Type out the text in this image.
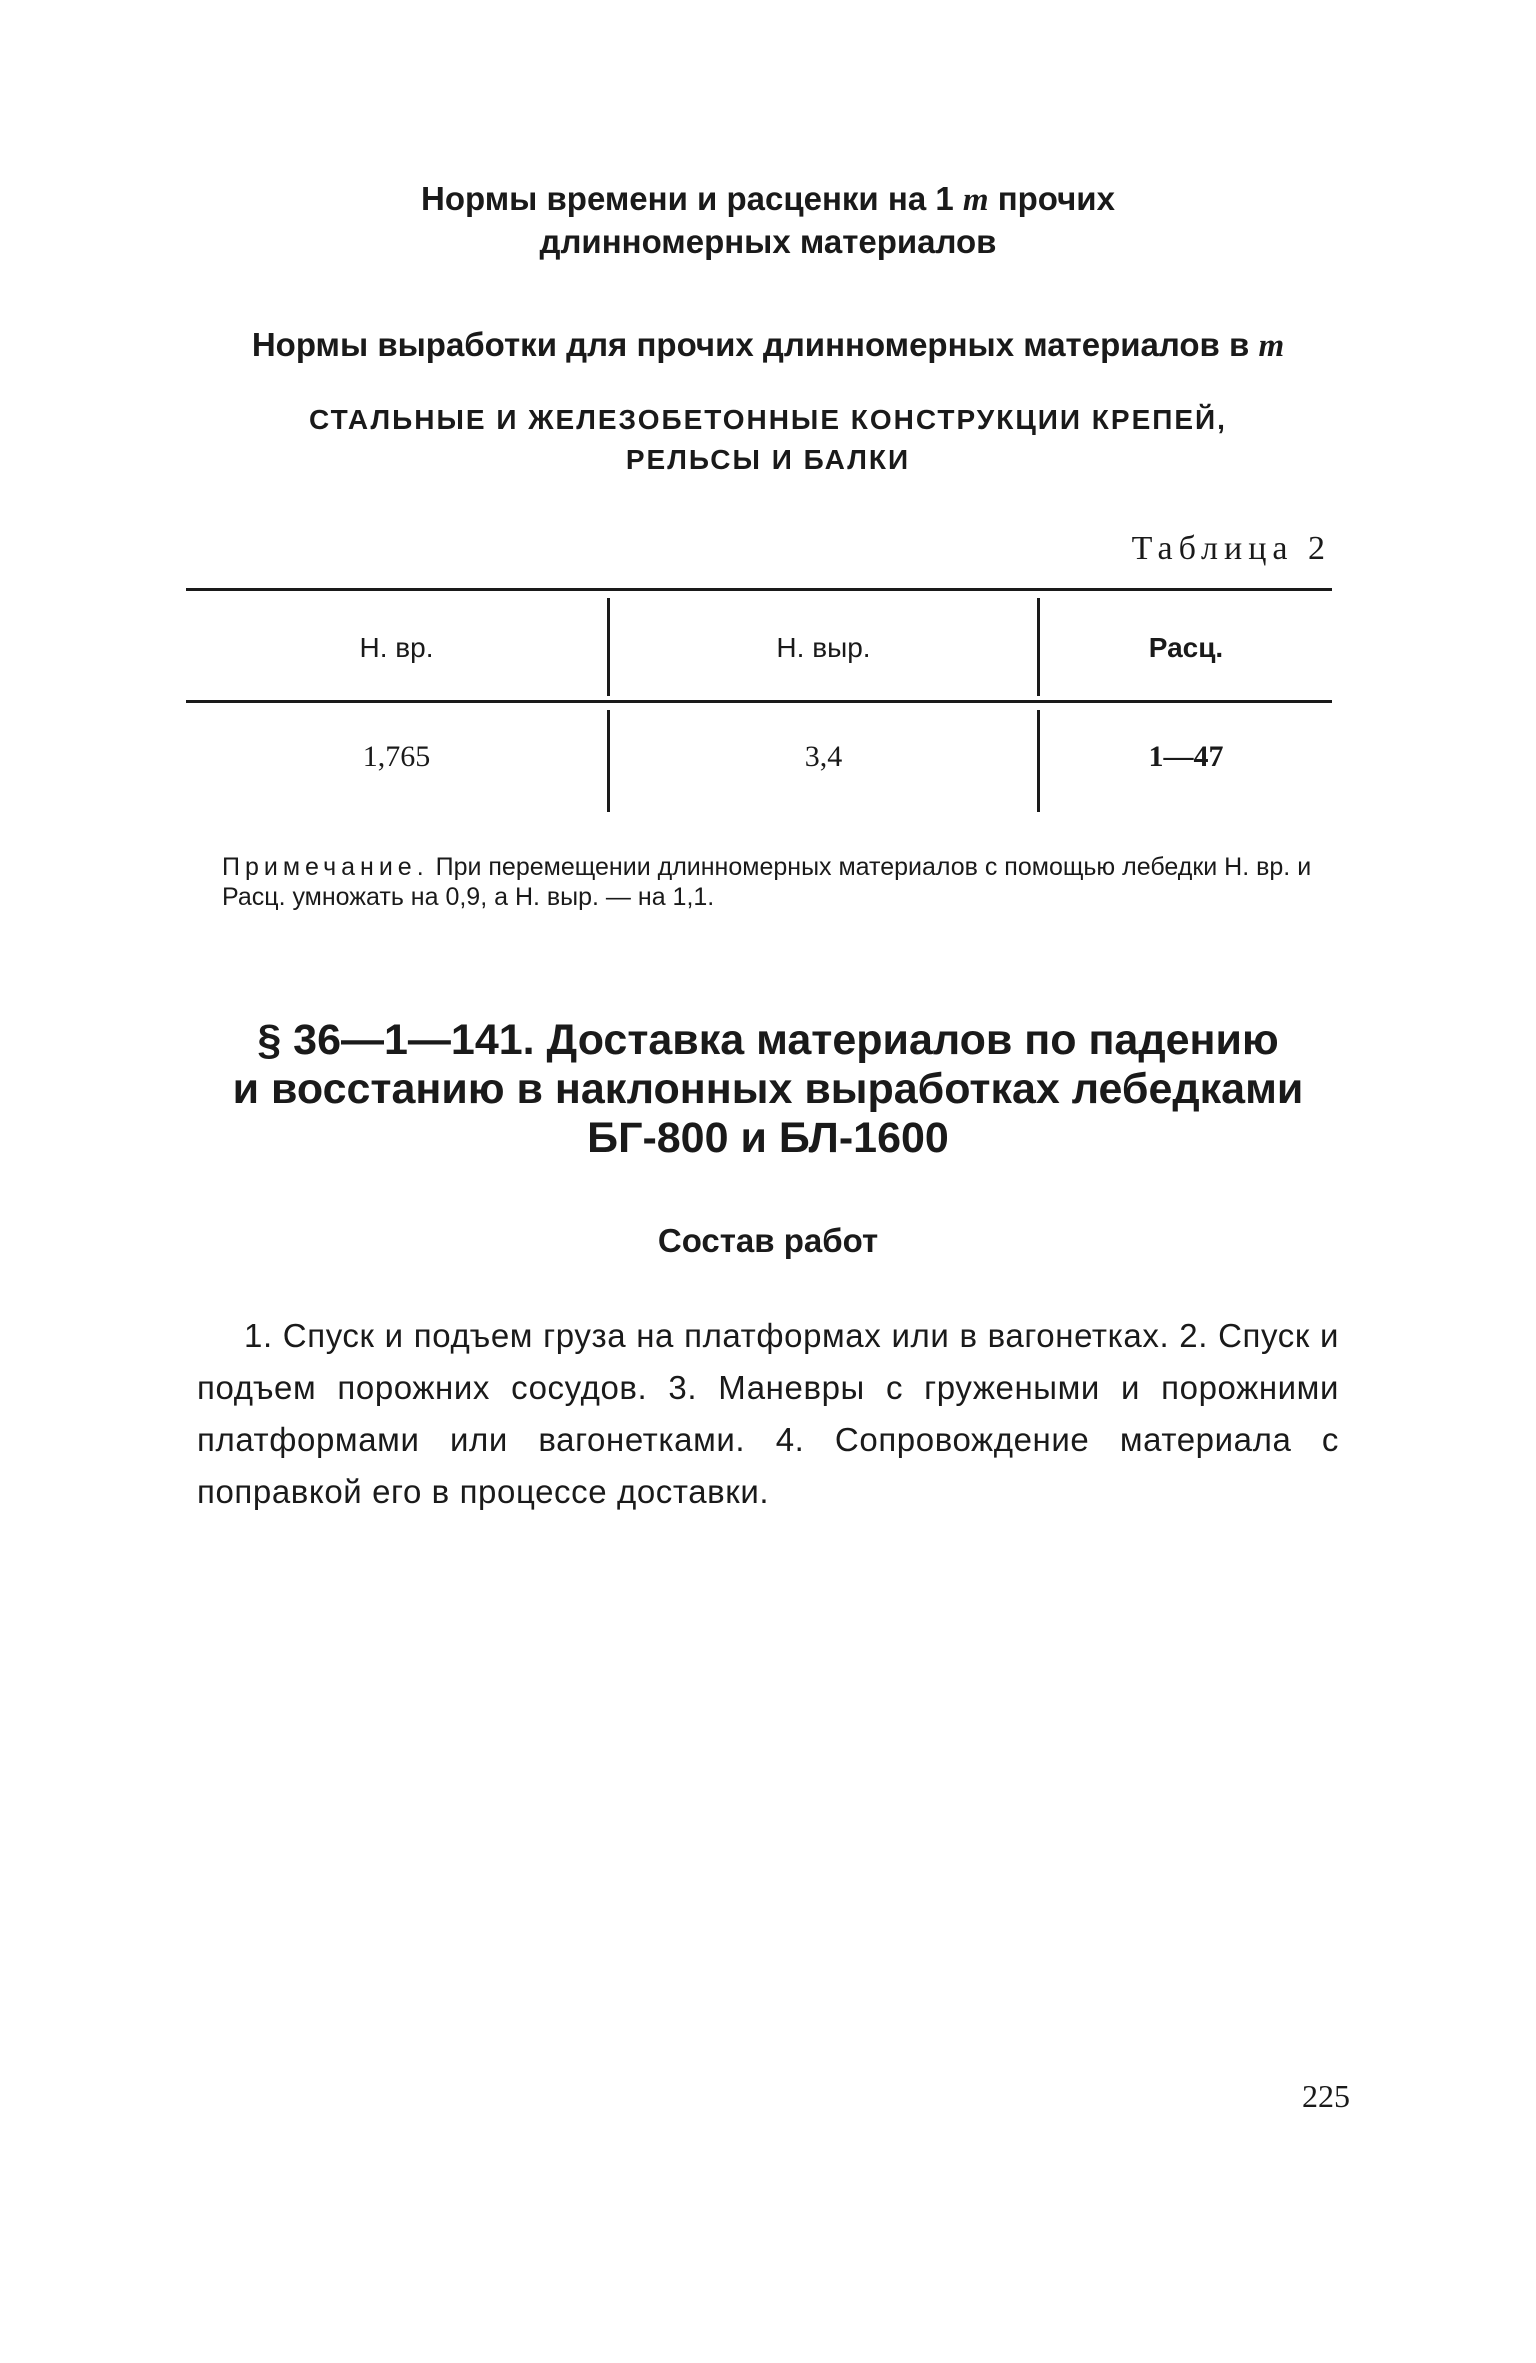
Нормы времени и расценки на 1 т прочих
длинномерных материалов
Нормы выработки для прочих длинномерных материалов в т
СТАЛЬНЫЕ И ЖЕЛЕЗОБЕТОННЫЕ КОНСТРУКЦИИ КРЕПЕЙ,
РЕЛЬСЫ И БАЛКИ
Таблица 2
Н. вр.	Н. выр.	Расц.
1,765	3,4	1—47
Примечание. При перемещении длинномерных материалов с помощью лебедки Н. вр. и Расц. умножать на 0,9, а Н. выр. — на 1,1.
§ 36—1—141. Доставка материалов по падению
и восстанию в наклонных выработках лебедками
БГ-800 и БЛ-1600
Состав работ
1. Спуск и подъем груза на платформах или в вагонетках. 2. Спуск и подъем порожних сосудов. 3. Маневры с гружеными и порожними платформами или вагонетками. 4. Сопровождение материала с поправкой его в процессе доставки.
225
